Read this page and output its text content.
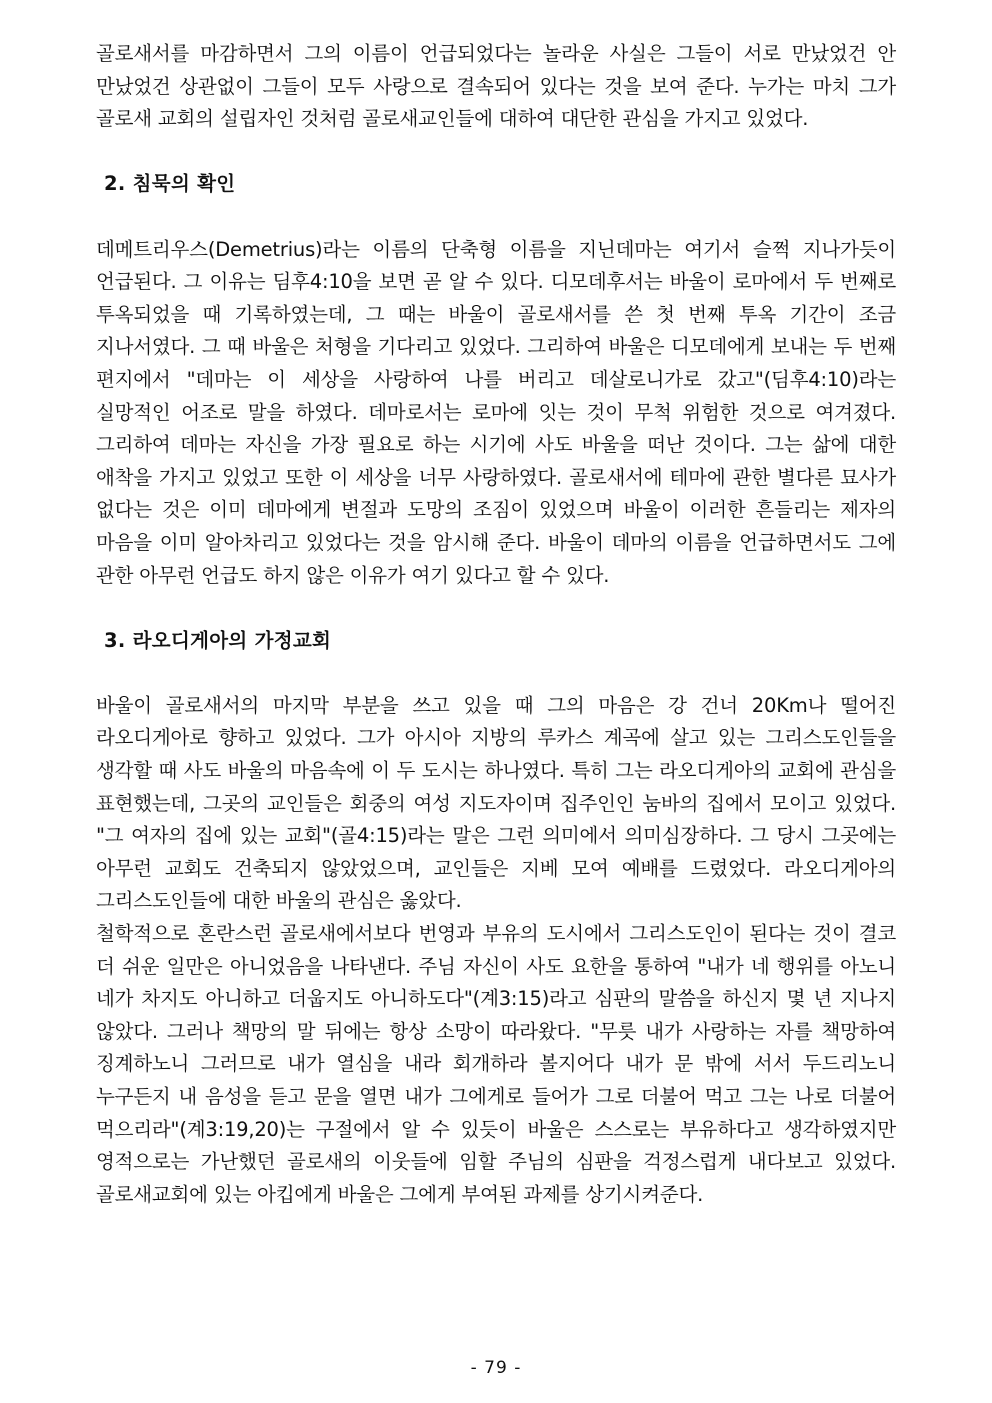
골로새서를 마감하면서 그의 이름이 언급되었다는 놀라운 사실은 그들이 서로 만났었건 안 만났었건 상관없이 그들이 모두 사랑으로 결속되어 있다는 것을 보여 준다. 누가는 마치 그가 골로새 교회의 설립자인 것처럼 골로새교인들에 대하여 대단한 관심을 가지고 있었다.

2. 침묵의 확인

데메트리우스(Demetrius)라는 이름의 단축형 이름을 지닌데마는 여기서 슬쩍 지나가듯이 언급된다. 그 이유는 딤후4:10을 보면 곧 알 수 있다. 디모데후서는 바울이 로마에서 두 번째로 투옥되었을 때 기록하였는데, 그 때는 바울이 골로새서를 쓴 첫 번째 투옥 기간이 조금 지나서였다. 그 때 바울은 처형을 기다리고 있었다. 그리하여 바울은 디모데에게 보내는 두 번째 편지에서 "데마는 이 세상을 사랑하여 나를 버리고 데살로니가로 갔고"(딤후4:10)라는 실망적인 어조로 말을 하였다. 데마로서는 로마에 잇는 것이 무척 위험한 것으로 여겨졌다. 그리하여 데마는 자신을 가장 필요로 하는 시기에 사도 바울을 떠난 것이다. 그는 삶에 대한 애착을 가지고 있었고 또한 이 세상을 너무 사랑하였다. 골로새서에 테마에 관한 별다른 묘사가 없다는 것은 이미 데마에게 변절과 도망의 조짐이 있었으며 바울이 이러한 흔들리는 제자의 마음을 이미 알아차리고 있었다는 것을 암시해 준다. 바울이 데마의 이름을 언급하면서도 그에 관한 아무런 언급도 하지 않은 이유가 여기 있다고 할 수 있다.

3. 라오디게아의 가정교회

바울이 골로새서의 마지막 부분을 쓰고 있을 때 그의 마음은 강 건너 20Km나 떨어진 라오디게아로 향하고 있었다. 그가 아시아 지방의 루카스 계곡에 살고 있는 그리스도인들을 생각할 때 사도 바울의 마음속에 이 두 도시는 하나였다. 특히 그는 라오디게아의 교회에 관심을 표현했는데, 그곳의 교인들은 회중의 여성 지도자이며 집주인인 눔바의 집에서 모이고 있었다. "그 여자의 집에 있는 교회"(골4:15)라는 말은 그런 의미에서 의미심장하다. 그 당시 그곳에는 아무런 교회도 건축되지 않았었으며, 교인들은 지베 모여 예배를 드렸었다. 라오디게아의 그리스도인들에 대한 바울의 관심은 옳았다.

철학적으로 혼란스런 골로새에서보다 번영과 부유의 도시에서 그리스도인이 된다는 것이 결코 더 쉬운 일만은 아니었음을 나타낸다. 주님 자신이 사도 요한을 통하여 "내가 네 행위를 아노니 네가 차지도 아니하고 더웁지도 아니하도다"(계3:15)라고 심판의 말씀을 하신지 몇 년 지나지 않았다. 그러나 책망의 말 뒤에는 항상 소망이 따라왔다. "무릇 내가 사랑하는 자를 책망하여 징계하노니 그러므로 내가 열심을 내라 회개하라 볼지어다 내가 문 밖에 서서 두드리노니 누구든지 내 음성을 듣고 문을 열면 내가 그에게로 들어가 그로 더불어 먹고 그는 나로 더불어 먹으리라"(계3:19,20)는 구절에서 알 수 있듯이 바울은 스스로는 부유하다고 생각하였지만 영적으로는 가난했던 골로새의 이웃들에 임할 주님의 심판을 걱정스럽게 내다보고 있었다. 골로새교회에 있는 아킵에게 바울은 그에게 부여된 과제를 상기시켜준다.

- 79 -
